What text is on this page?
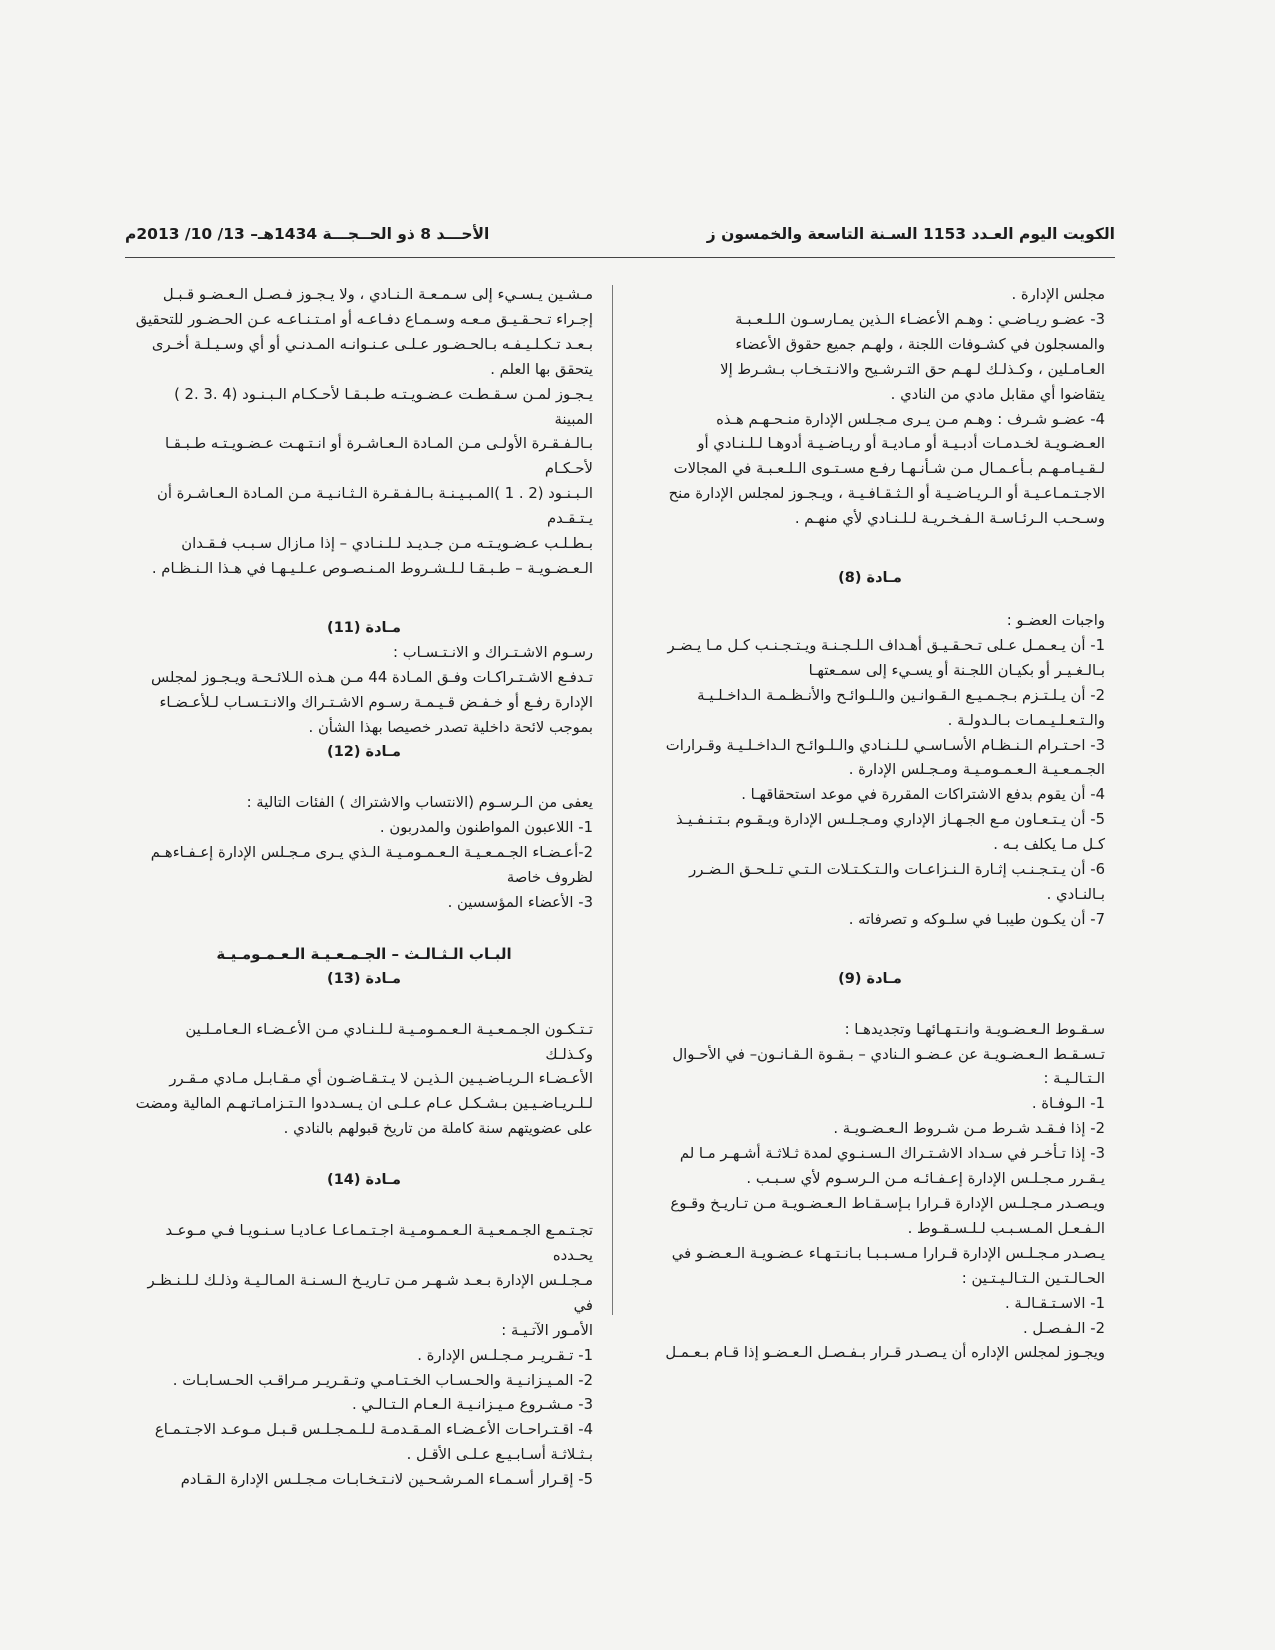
الكويت اليوم العـدد 1153 السـنة التاسعة والخمسون ز
الأحـــد 8 ذو الحــجـــة 1434هـ– 13/ 10/ 2013م

مجلس الإدارة .

3- عضـو ريـاضـي : وهـم الأعضـاء الـذين يمـارسـون الـلـعـبـة

والمسجلون في كشـوفات اللجنة ، ولهـم جميع حقوق الأعضاء

العـامـلين ، وكـذلـك لـهـم حق التـرشـيح والانـتـخـاب بـشـرط إلا

يتقاضوا أي مقابل مادي من النادي .

4- عضـو شـرف : وهـم مـن يـرى مـجـلس الإدارة منـحـهـم هـذه

العـضـويـة لخـدمـات أدبـيـة أو مـاديـة أو ريـاضـيـة أدوهـا لـلـنـادي أو

لـقـيـامـهـم بـأعـمـال مـن شـأنـهـا رفـع مسـتـوى الـلـعـبـة في المجالات

الاجـتـمـاعـيـة أو الـريـاضـيـة أو الـثـقـافـيـة ، ويـجـوز لمجلس الإدارة منح

وسـحـب الـرئـاسـة الـفـخـريـة لـلـنـادي لأي منهـم .

مـادة (8)

واجبات العضـو :

1- أن يـعـمـل عـلى تـحـقـيـق أهـداف الـلـجـنـة ويـتـجـنـب كـل مـا يـضـر

بـالـغـيـر أو بكيـان اللجـنة أو يسـيء إلى سمـعتهـا

2- أن يـلـتـزم بـجـمـيـع الـقـوانـين والـلـوائـح والأنـظـمـة الـداخـلـيـة

والـتـعـلـيـمـات بـالـدولـة .

3- احـتـرام الـنـظـام الأسـاسـي لـلـنـادي والـلـوائـح الـداخـلـيـة وقـرارات

الجـمـعـيـة الـعـمـومـيـة ومـجـلس الإدارة .

4- أن يقوم بدفع الاشتراكات المقررة في موعد استحقاقهـا .

5- أن يـتـعـاون مـع الجـهـاز الإداري ومـجـلـس الإدارة ويـقـوم بـتـنـفـيـذ

كـل مـا يكلف بـه .

6- أن يـتـجـنـب إثـارة الـنـزاعـات والـتـكـتـلات الـتـي تـلـحـق الـضـرر

بـالنـادي .

7- أن يكـون طيبـا في سلـوكه و تصرفاته .

مـادة (9)

سـقـوط الـعـضـويـة وانـتـهـائهـا وتجديدهـا :

تـسـقـط الـعـضـويـة عن عـضـو الـنادي – بـقـوة الـقـانـون– في الأحـوال

الـتـالـيـة :

1- الـوفـاة .

2- إذا فـقـد شـرط مـن شـروط الـعـضـويـة .

3- إذا تـأخـر في سـداد الاشـتـراك الـسـنـوي لمدة ثـلاثـة أشـهـر مـا لم

يـقـرر مـجـلـس الإدارة إعـفـائـه مـن الـرسـوم لأي سـبـب .

ويـصـدر مـجـلـس الإدارة قـرارا بـإسـقـاط الـعـضـويـة مـن تـاريـخ وقـوع

الـفـعـل المـسـبـب لـلـسـقـوط .

يـصـدر مـجـلـس الإدارة قـرارا مـسـبـبـا بـانـتـهـاء عـضـويـة الـعـضـو في

الحـالـتـين الـتـالـيـتـين :

1- الاسـتـقـالـة .

2- الـفـصـل .

ويجـوز لمجلس الإداره أن يـصـدر قـرار بـفـصـل الـعـضـو إذا قـام بـعـمـل

مـشـين يـسـيء إلى سـمـعـة الـنـادي ، ولا يـجـوز فـصـل الـعـضـو قـبـل

إجـراء تـحـقـيـق مـعـه وسـمـاع دفـاعـه أو امـتـنـاعـه عـن الحـضـور للتحقيق

بـعـد تـكـلـيـفـه بـالحـضـور عـلـى عـنـوانـه المـدنـي أو أي وسـيـلـة أخـرى

يتحقق بها العلم .

يـجـوز لمـن سـقـطـت عـضـويـتـه طـبـقـا لأحـكـام الـبـنـود (4 .3 .2 ) المبينة

بـالـفـقـرة الأولـى مـن المـادة الـعـاشـرة أو انـتـهـت عـضـويـتـه طـبـقـا لأحـكـام

الـبـنـود (2 . 1 )المـبـيـنـة بـالـفـقـرة الـثـانـيـة مـن المـادة الـعـاشـرة أن يـتـقـدم

بـطـلـب عـضـويـتـه مـن جـديـد لـلـنـادي – إذا مـازال سـبـب فـقـدان

الـعـضـويـة – طـبـقـا لـلـشـروط المـنـصـوص عـلـيـهـا في هـذا الـنـظـام .

مـادة (11)

رسـوم الاشـتـراك و الانـتـسـاب :

تـدفـع الاشـتـراكـات وفـق المـادة 44 مـن هـذه الـلائـحـة ويـجـوز لمجلس

الإدارة رفـع أو خـفـض قـيـمـة رسـوم الاشـتـراك والانـتـسـاب لـلأعـضـاء

بموجب لائحة داخلية تصدر خصيصا بهذا الشأن .

مـادة (12)

يعفى من الـرسـوم (الانتساب والاشتراك ) الفئات التالية :

1- اللاعبون المواطنون والمدربون .

2-أعـضـاء الجـمـعـيـة الـعـمـومـيـة الـذي يـرى مـجـلس الإدارة إعـفـاءهـم

لظروف خاصة

3- الأعضاء المؤسسين .

البـاب الـثـالـث – الجـمـعـيـة الـعـمـومـيـة

مـادة (13)

تـتـكـون الجـمـعـيـة الـعـمـومـيـة لـلـنـادي مـن الأعـضـاء الـعـامـلـين وكـذلـك

الأعـضـاء الـريـاضـيـين الـذيـن لا يـتـقـاضـون أي مـقـابـل مـادي مـقـرر

لـلـريـاضـيـين بـشـكـل عـام عـلـى ان يـسـددوا الـتـزامـاتـهـم المالية ومضت

على عضويتهم سنة كاملة من تاريخ قبولهم بالنادي .

مـادة (14)

تجـتـمـع الجـمـعـيـة الـعـمـومـيـة اجـتـمـاعـا عـاديـا سـنـويـا فـي مـوعـد يحـدده

مـجـلـس الإدارة بـعـد شـهـر مـن تـاريـخ الـسـنـة المـالـيـة وذلـك لـلـنـظـر في

الأمـور الآتـيـة :

1- تـقـريـر مـجـلـس الإدارة .

2- المـيـزانـيـة والحـسـاب الخـتـامـي وتـقـريـر مـراقـب الحـسـابـات .

3- مـشـروع مـيـزانـيـة الـعـام الـتـالـي .

4- اقـتـراحـات الأعـضـاء المـقـدمـة لـلـمـجـلـس قـبـل مـوعـد الاجـتـمـاع

بـثـلاثـة أسـابـيـع عـلـى الأقـل .

5- إقـرار أسـمـاء المـرشـحـين لانـتـخـابـات مـجـلـس الإدارة الـقـادم
